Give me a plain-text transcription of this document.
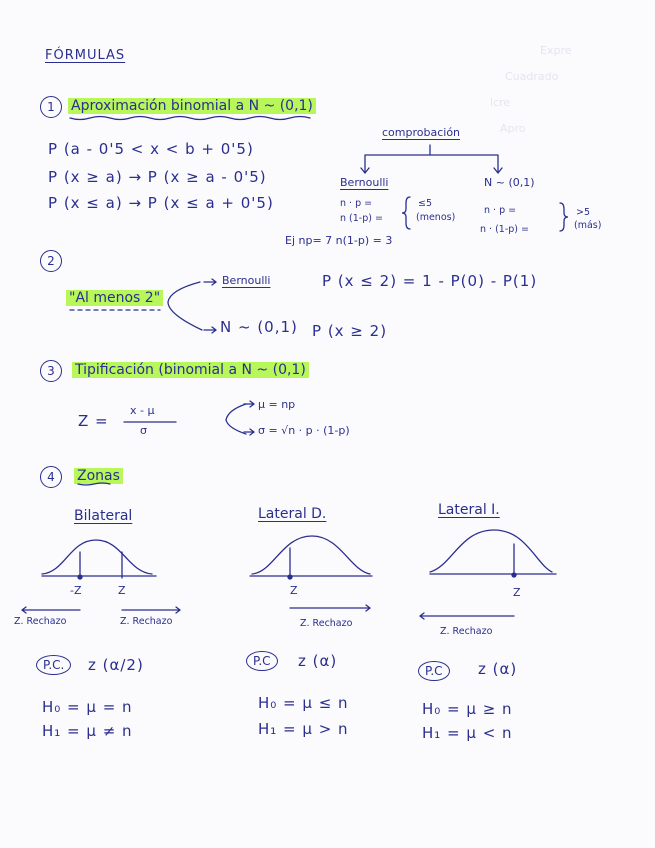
Expre
Cuadrado
lcre
Apro
FÓRMULAS
1	Aproximación binomial a N ~ (0,1)
P (a - 0'5 < x < b + 0'5)
P (x ≥ a) → P (x ≥ a - 0'5)
P (x ≤ a) → P (x ≤ a + 0'5)
comprobación
Bernoulli	N ~ (0,1)
n · p =
n (1-p) =
≤5
(menos)
n · p =
n · (1-p) =
>5
(más)
Ej np= 7 n(1-p) = 3
2
"Al menos 2"
Bernoulli	P (x ≤ 2) = 1 - P(0) - P(1)
N ~ (0,1) P (x ≥ 2)
3	Tipificación (binomial a N ~ (0,1)
Z =
x - μ
σ
μ = np
σ = √n · p · (1-p)
4	Zonas
Bilateral
-Z	Z
Z. Rechazo	Z. Rechazo
P.C.	z (α/2)
H₀ = μ = n
H₁ = μ ≠ n
Lateral D.
Z
Z. Rechazo
P.C	z (α)
H₀ = μ ≤ n
H₁ = μ > n
Lateral I.
Z
Z. Rechazo
P.C	z (α)
H₀ = μ ≥ n
H₁ = μ < n
